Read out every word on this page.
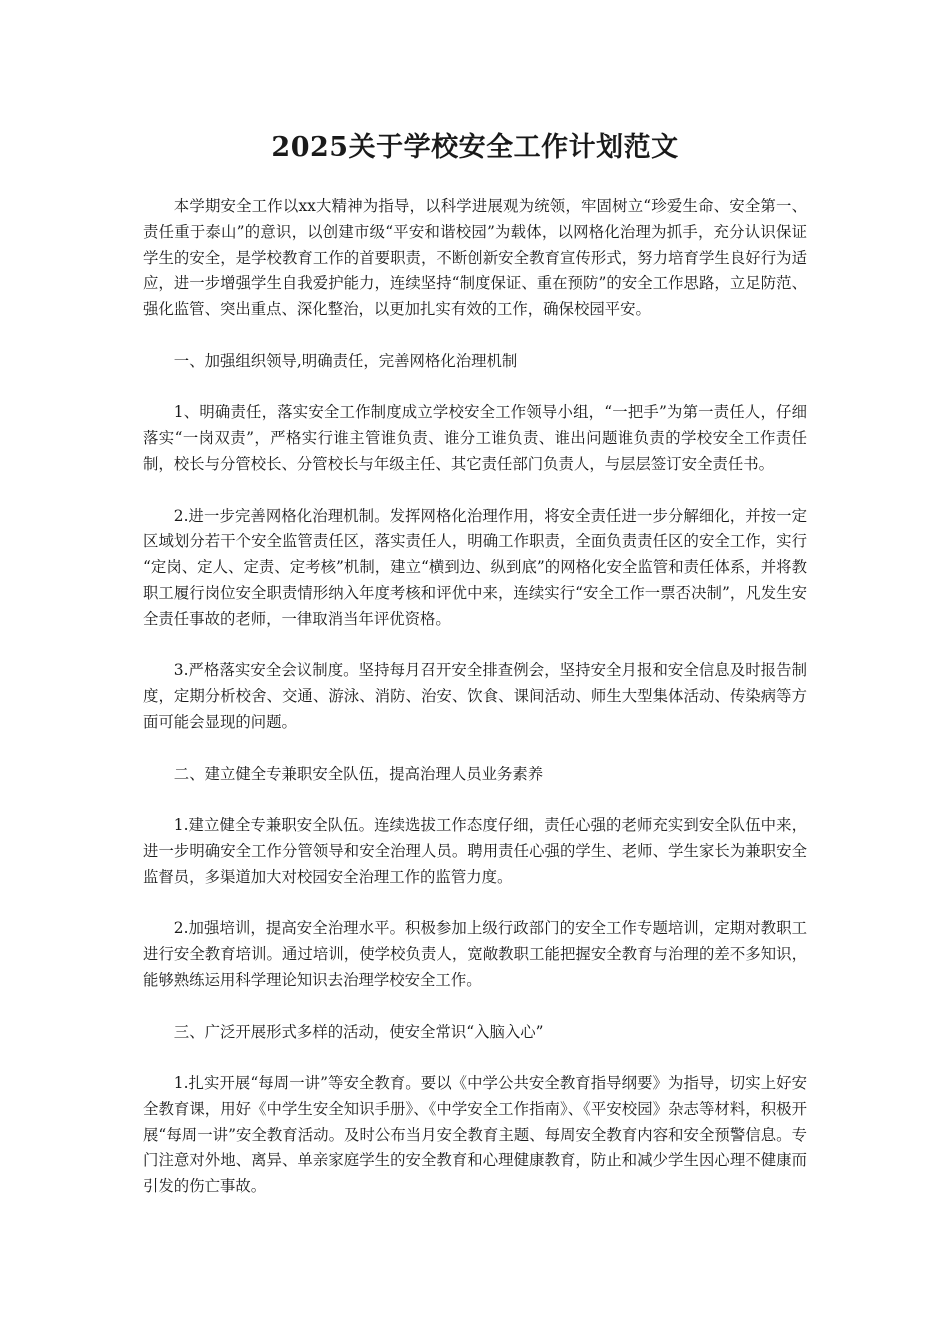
2025关于学校安全工作计划范文

本学期安全工作以xx大精神为指导，以科学进展观为统领，牢固树立“珍爱生命、安全第一、责任重于泰山”的意识，以创建市级“平安和谐校园”为载体，以网格化治理为抓手，充分认识保证学生的安全，是学校教育工作的首要职责，不断创新安全教育宣传形式，努力培育学生良好行为适应，进一步增强学生自我爱护能力，连续坚持“制度保证、重在预防”的安全工作思路，立足防范、强化监管、突出重点、深化整治，以更加扎实有效的工作，确保校园平安。

一、加强组织领导,明确责任，完善网格化治理机制

1、明确责任，落实安全工作制度成立学校安全工作领导小组，“一把手”为第一责任人，仔细落实“一岗双责”，严格实行谁主管谁负责、谁分工谁负责、谁出问题谁负责的学校安全工作责任制，校长与分管校长、分管校长与年级主任、其它责任部门负责人，与层层签订安全责任书。

2.进一步完善网格化治理机制。发挥网格化治理作用，将安全责任进一步分解细化，并按一定区域划分若干个安全监管责任区，落实责任人，明确工作职责，全面负责责任区的安全工作，实行 “定岗、定人、定责、定考核”机制，建立“横到边、纵到底”的网格化安全监管和责任体系，并将教职工履行岗位安全职责情形纳入年度考核和评优中来，连续实行“安全工作一票否决制”，凡发生安全责任事故的老师，一律取消当年评优资格。

3.严格落实安全会议制度。坚持每月召开安全排查例会，坚持安全月报和安全信息及时报告制度，定期分析校舍、交通、游泳、消防、治安、饮食、课间活动、师生大型集体活动、传染病等方面可能会显现的问题。

二、建立健全专兼职安全队伍，提高治理人员业务素养

1.建立健全专兼职安全队伍。连续选拔工作态度仔细，责任心强的老师充实到安全队伍中来，进一步明确安全工作分管领导和安全治理人员。聘用责任心强的学生、老师、学生家长为兼职安全监督员，多渠道加大对校园安全治理工作的监管力度。

2.加强培训，提高安全治理水平。积极参加上级行政部门的安全工作专题培训，定期对教职工进行安全教育培训。通过培训，使学校负责人，宽敞教职工能把握安全教育与治理的差不多知识，能够熟练运用科学理论知识去治理学校安全工作。

三、广泛开展形式多样的活动，使安全常识“入脑入心”

1.扎实开展“每周一讲”等安全教育。要以《中学公共安全教育指导纲要》为指导，切实上好安全教育课，用好《中学生安全知识手册》、《中学安全工作指南》、《平安校园》杂志等材料，积极开展“每周一讲”安全教育活动。及时公布当月安全教育主题、每周安全教育内容和安全预警信息。专门注意对外地、离异、单亲家庭学生的安全教育和心理健康教育，防止和减少学生因心理不健康而引发的伤亡事故。
